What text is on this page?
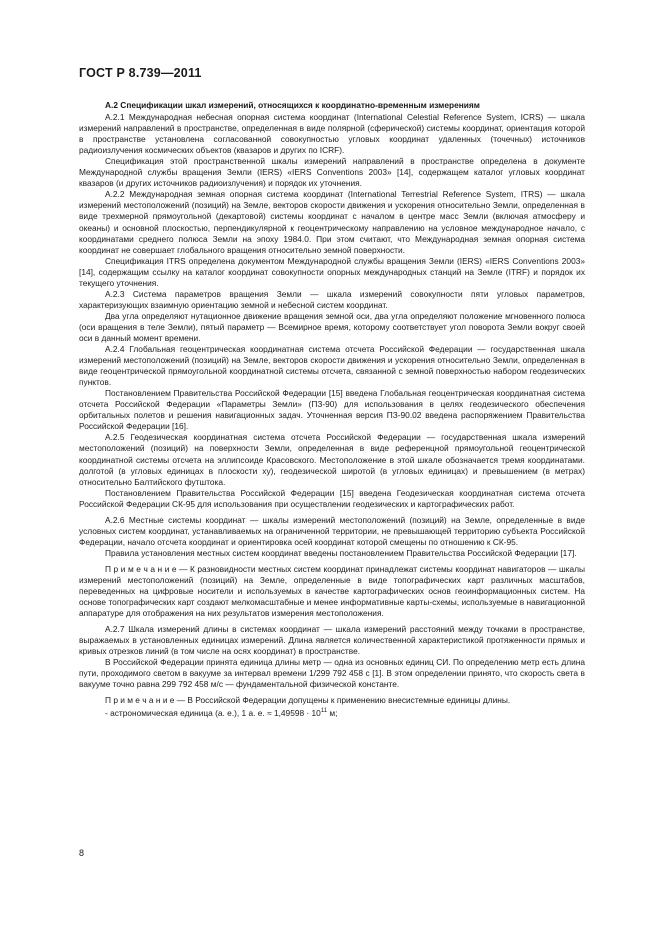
ГОСТ Р 8.739—2011

А.2 Спецификации шкал измерений, относящихся к координатно-временным измерениям

А.2.1 Международная небесная опорная система координат (International Celestial Reference System, ICRS) — шкала измерений направлений в пространстве, определенная в виде полярной (сферической) системы координат, ориентация которой в пространстве установлена согласованной совокупностью угловых координат удаленных (точечных) источников радиоизлучения космических объектов (квазаров и других по ICRF).

Спецификация этой пространственной шкалы измерений направлений в пространстве определена в документе Международной службы вращения Земли (IERS) «IERS Conventions 2003» [14], содержащем каталог угловых координат квазаров (и других источников радиоизлучения) и порядок их уточнения.

А.2.2 Международная земная опорная система координат (International Terrestrial Reference System, ITRS) — шкала измерений местоположений (позиций) на Земле, векторов скорости движения и ускорения относительно Земли, определенная в виде трехмерной прямоугольной (декартовой) системы координат с началом в центре масс Земли (включая атмосферу и океаны) и основной плоскостью, перпендикулярной к геоцентрическому направлению на условное международное начало, с координатами среднего полюса Земли на эпоху 1984.0. При этом считают, что Международная земная опорная система координат не совершает глобального вращения относительно земной поверхности.

Спецификация ITRS определена документом Международной службы вращения Земли (IERS) «IERS Conventions 2003» [14], содержащим ссылку на каталог координат совокупности опорных международных станций на Земле (ITRF) и порядок их текущего уточнения.

А.2.3 Система параметров вращения Земли — шкала измерений совокупности пяти угловых параметров, характеризующих взаимную ориентацию земной и небесной систем координат.

Два угла определяют нутационное движение вращения земной оси, два угла определяют положение мгновенного полюса (оси вращения в теле Земли), пятый параметр — Всемирное время, которому соответствует угол поворота Земли вокруг своей оси в данный момент времени.

А.2.4 Глобальная геоцентрическая координатная система отсчета Российской Федерации — государственная шкала измерений местоположений (позиций) на Земле, векторов скорости движения и ускорения относительно Земли, определенная в виде геоцентрической прямоугольной координатной системы отсчета, связанной с земной поверхностью набором геодезических пунктов.

Постановлением Правительства Российской Федерации [15] введена Глобальная геоцентрическая координатная система отсчета Российской Федерации «Параметры Земли» (ПЗ-90) для использования в целях геодезического обеспечения орбитальных полетов и решения навигационных задач. Уточненная версия ПЗ-90.02 введена распоряжением Правительства Российской Федерации [16].

А.2.5 Геодезическая координатная система отсчета Российской Федерации — государственная шкала измерений местоположений (позиций) на поверхности Земли, определенная в виде референцной прямоугольной геоцентрической координатной системы отсчета на эллипсоиде Красовского. Местоположение в этой шкале обозначается тремя координатами. долготой (в угловых единицах в плоскости xy), геодезической широтой (в угловых единицах) и превышением (в метрах) относительно Балтийского футштока.

Постановлением Правительства Российской Федерации [15] введена Геодезическая координатная система отсчета Российской Федерации СК-95 для использования при осуществлении геодезических и картографических работ.

А.2.6 Местные системы координат — шкалы измерений местоположений (позиций) на Земле, определенные в виде условных систем координат, устанавливаемых на ограниченной территории, не превышающей территорию субъекта Российской Федерации, начало отсчета координат и ориентировка осей координат которой смещены по отношению к СК-95.

Правила установления местных систем координат введены постановлением Правительства Российской Федерации [17].

П р и м е ч а н и е — К разновидности местных систем координат принадлежат системы координат навигаторов — шкалы измерений местоположений (позиций) на Земле, определенные в виде топографических карт различных масштабов, переведенных на цифровые носители и используемых в качестве картографических основ геоинформационных систем. На основе топографических карт создают мелкомасштабные и менее информативные карты-схемы, используемые в навигационной аппаратуре для отображения на них результатов измерения местоположения.

А.2.7 Шкала измерений длины в системах координат — шкала измерений расстояний между точками в пространстве, выражаемых в установленных единицах измерений. Длина является количественной характеристикой протяженности прямых и кривых отрезков линий (в том числе на осях координат) в пространстве.

В Российской Федерации принята единица длины метр — одна из основных единиц СИ. По определению метр есть длина пути, проходимого светом в вакууме за интервал времени 1/299 792 458 с [1]. В этом определении принято, что скорость света в вакууме точно равна 299 792 458 м/с — фундаментальной физической константе.

П р и м е ч а н и е — В Российской Федерации допущены к применению внесистемные единицы длины.

- астрономическая единица (а. е.), 1 а. е. ≈ $1,49598 \cdot 10^{11}$ м;

8
